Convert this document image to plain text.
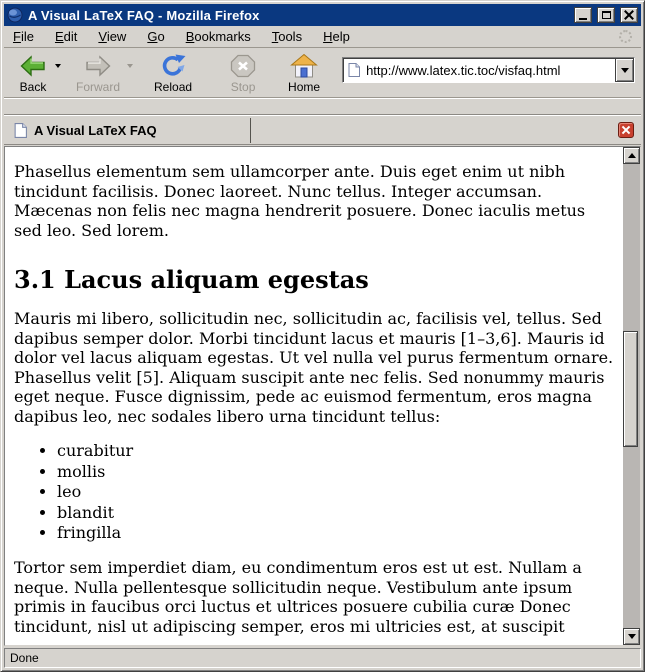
A Visual LaTeX FAQ - Mozilla Firefox
File Edit View Go Bookmarks Tools Help
Back Forward	Reload	Stop	Home
http://www.latex.tic.toc/visfaq.html
A Visual LaTeX FAQ

Phasellus elementum sem ullamcorper ante. Duis eget enim ut nibh tincidunt facilisis. Donec laoreet. Nunc tellus. Integer accumsan. Mæcenas non felis nec magna hendrerit posuere. Donec iaculis metus sed leo. Sed lorem.

3.1 Lacus aliquam egestas

Mauris mi libero, sollicitudin nec, sollicitudin ac, facilisis vel, tellus. Sed dapibus semper dolor. Morbi tincidunt lacus et mauris [1–3,6]. Mauris id dolor vel lacus aliquam egestas. Ut vel nulla vel purus fermentum ornare. Phasellus velit [5]. Aliquam suscipit ante nec felis. Sed nonummy mauris eget neque. Fusce dignissim, pede ac euismod fermentum, eros magna dapibus leo, nec sodales libero urna tincidunt tellus:

• curabitur
• mollis
• leo
• blandit
• fringilla

Tortor sem imperdiet diam, eu condimentum eros est ut est. Nullam a neque. Nulla pellentesque sollicitudin neque. Vestibulum ante ipsum primis in faucibus orci luctus et ultrices posuere cubilia curæ Donec tincidunt, nisl ut adipiscing semper, eros mi ultricies est, at suscipit

Done
